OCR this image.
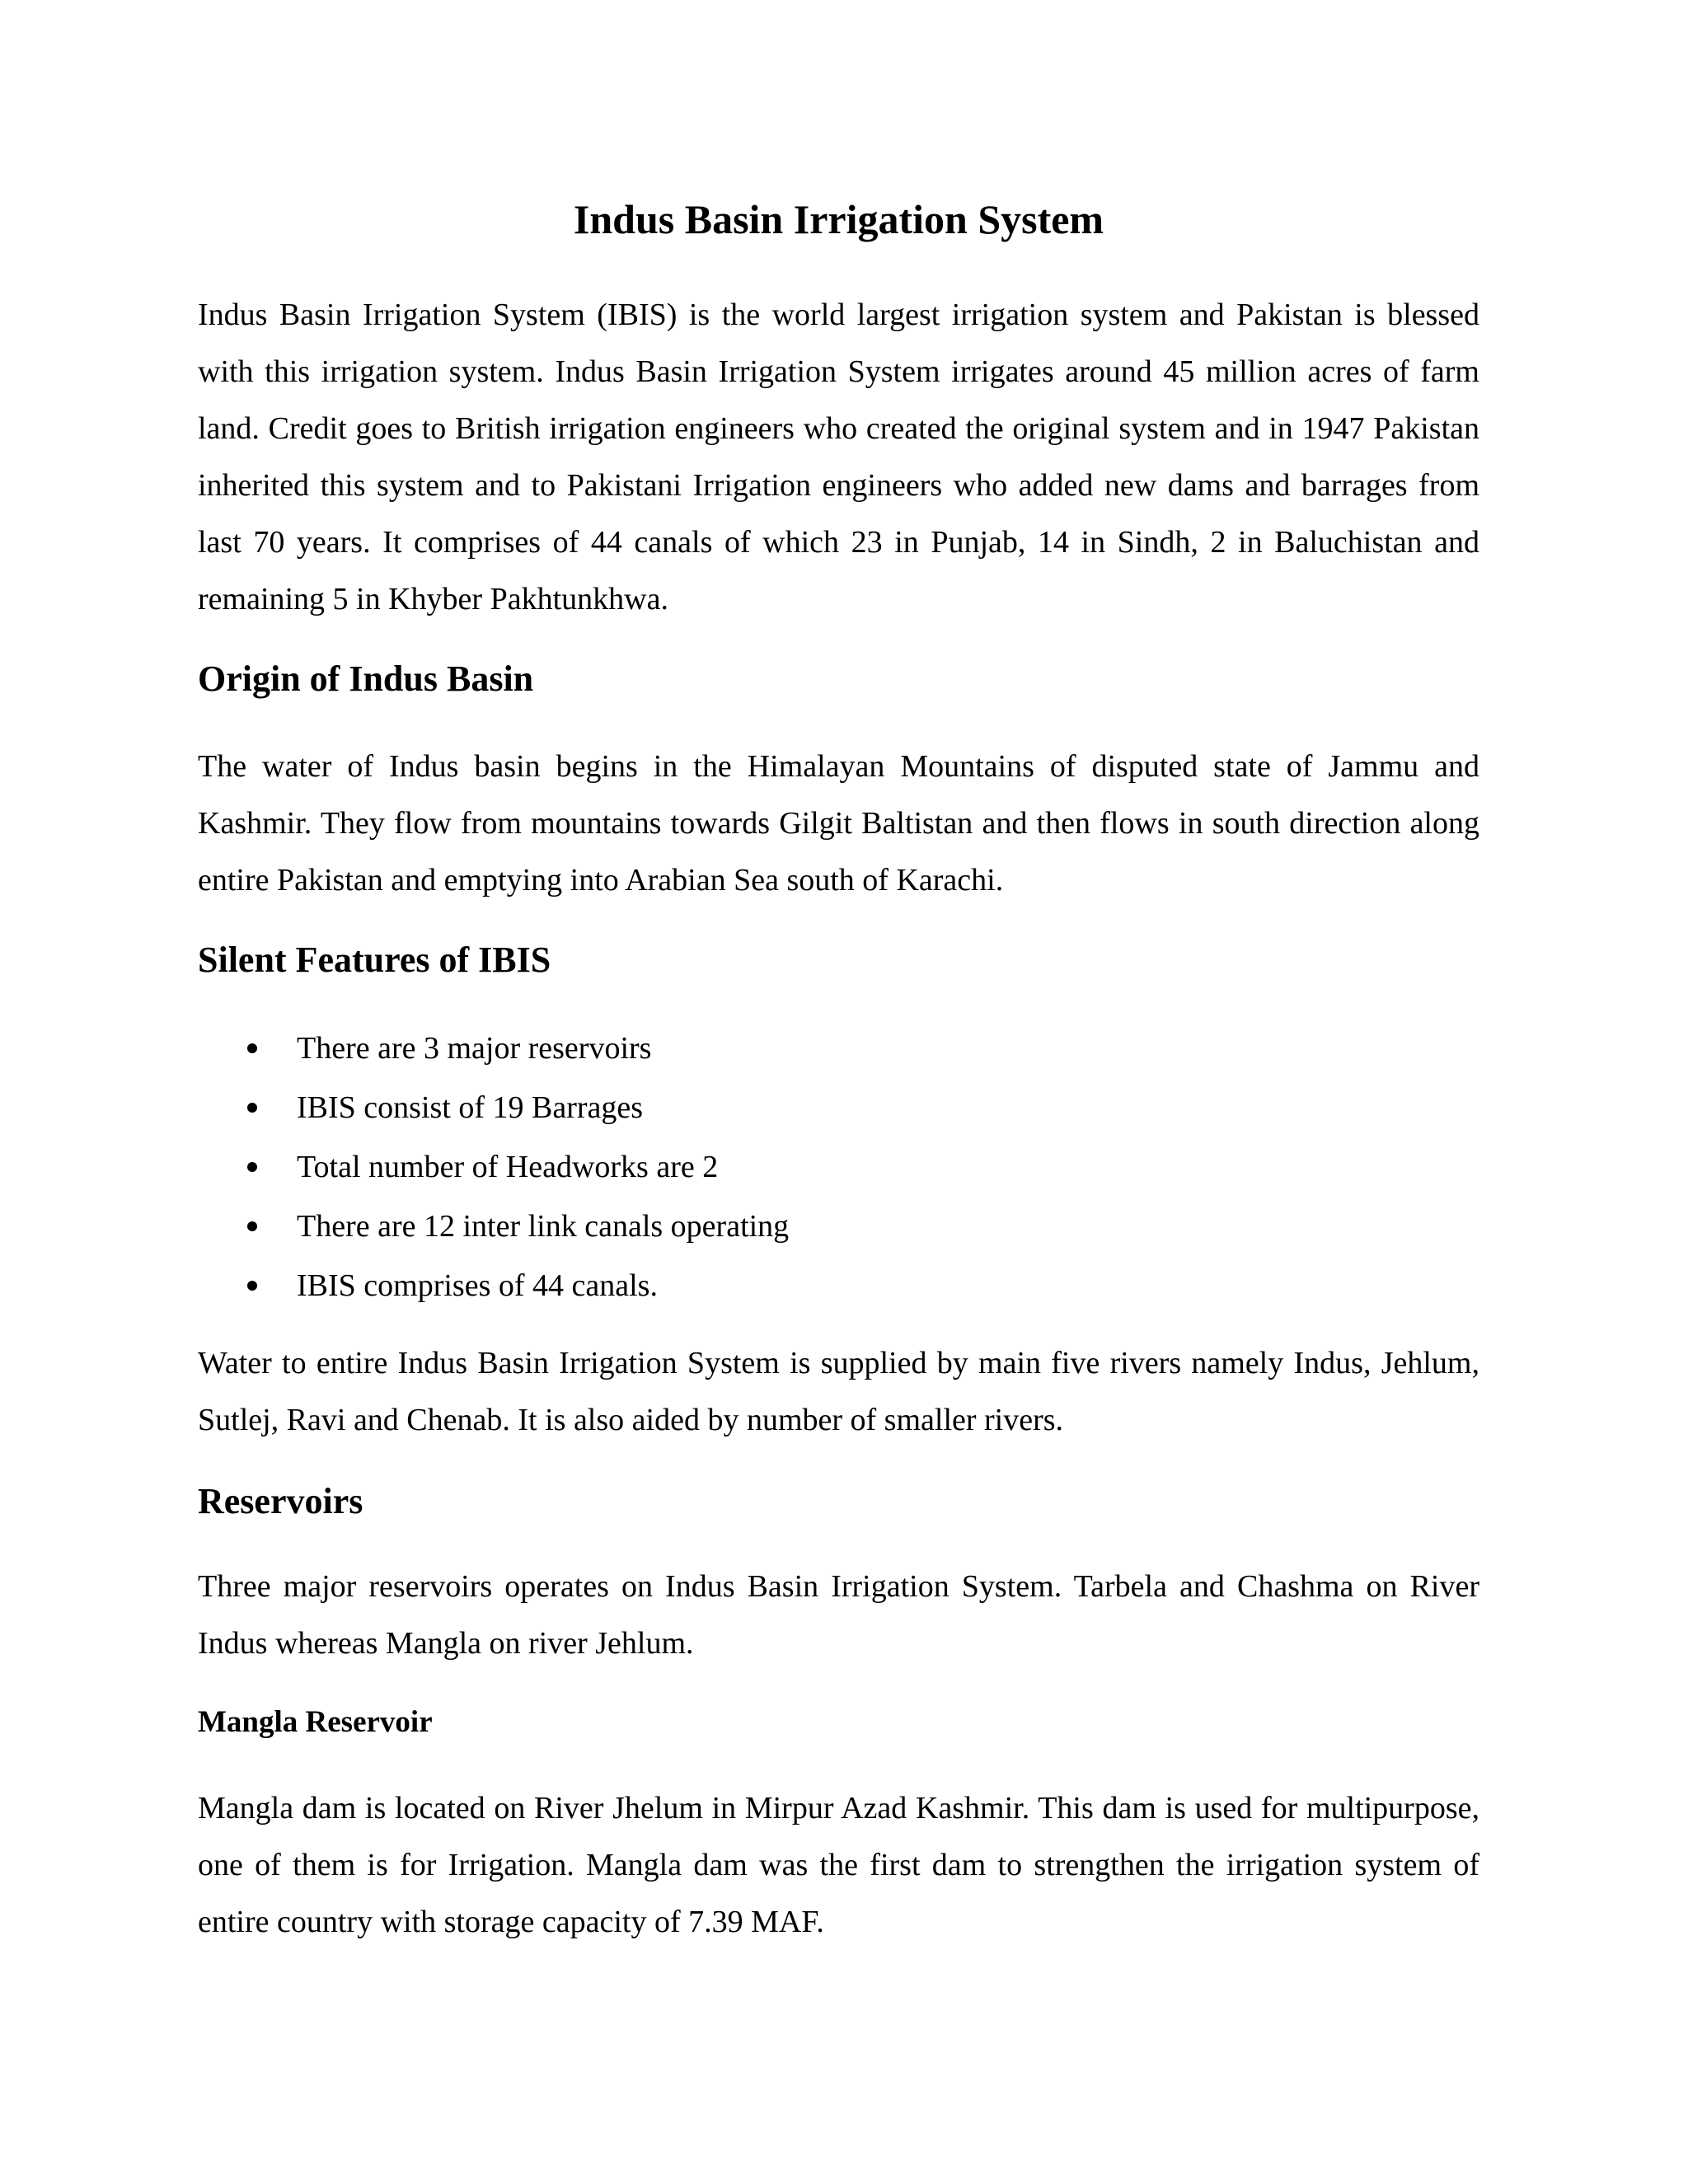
Indus Basin Irrigation System

Indus Basin Irrigation System (IBIS) is the world largest irrigation system and Pakistan is blessed with this irrigation system. Indus Basin Irrigation System irrigates around 45 million acres of farm land. Credit goes to British irrigation engineers who created the original system and in 1947 Pakistan inherited this system and to Pakistani Irrigation engineers who added new dams and barrages from last 70 years. It comprises of 44 canals of which 23 in Punjab, 14 in Sindh, 2 in Baluchistan and remaining 5 in Khyber Pakhtunkhwa.

Origin of Indus Basin

The water of Indus basin begins in the Himalayan Mountains of disputed state of Jammu and Kashmir. They flow from mountains towards Gilgit Baltistan and then flows in south direction along entire Pakistan and emptying into Arabian Sea south of Karachi.

Silent Features of IBIS
There are 3 major reservoirs
IBIS consist of 19 Barrages
Total number of Headworks are 2
There are 12 inter link canals operating
IBIS comprises of 44 canals.

Water to entire Indus Basin Irrigation System is supplied by main five rivers namely Indus, Jehlum, Sutlej, Ravi and Chenab. It is also aided by number of smaller rivers.

Reservoirs

Three major reservoirs operates on Indus Basin Irrigation System. Tarbela and Chashma on River Indus whereas Mangla on river Jehlum.

Mangla Reservoir

Mangla dam is located on River Jhelum in Mirpur Azad Kashmir. This dam is used for multipurpose, one of them is for Irrigation. Mangla dam was the first dam to strengthen the irrigation system of entire country with storage capacity of 7.39 MAF.
